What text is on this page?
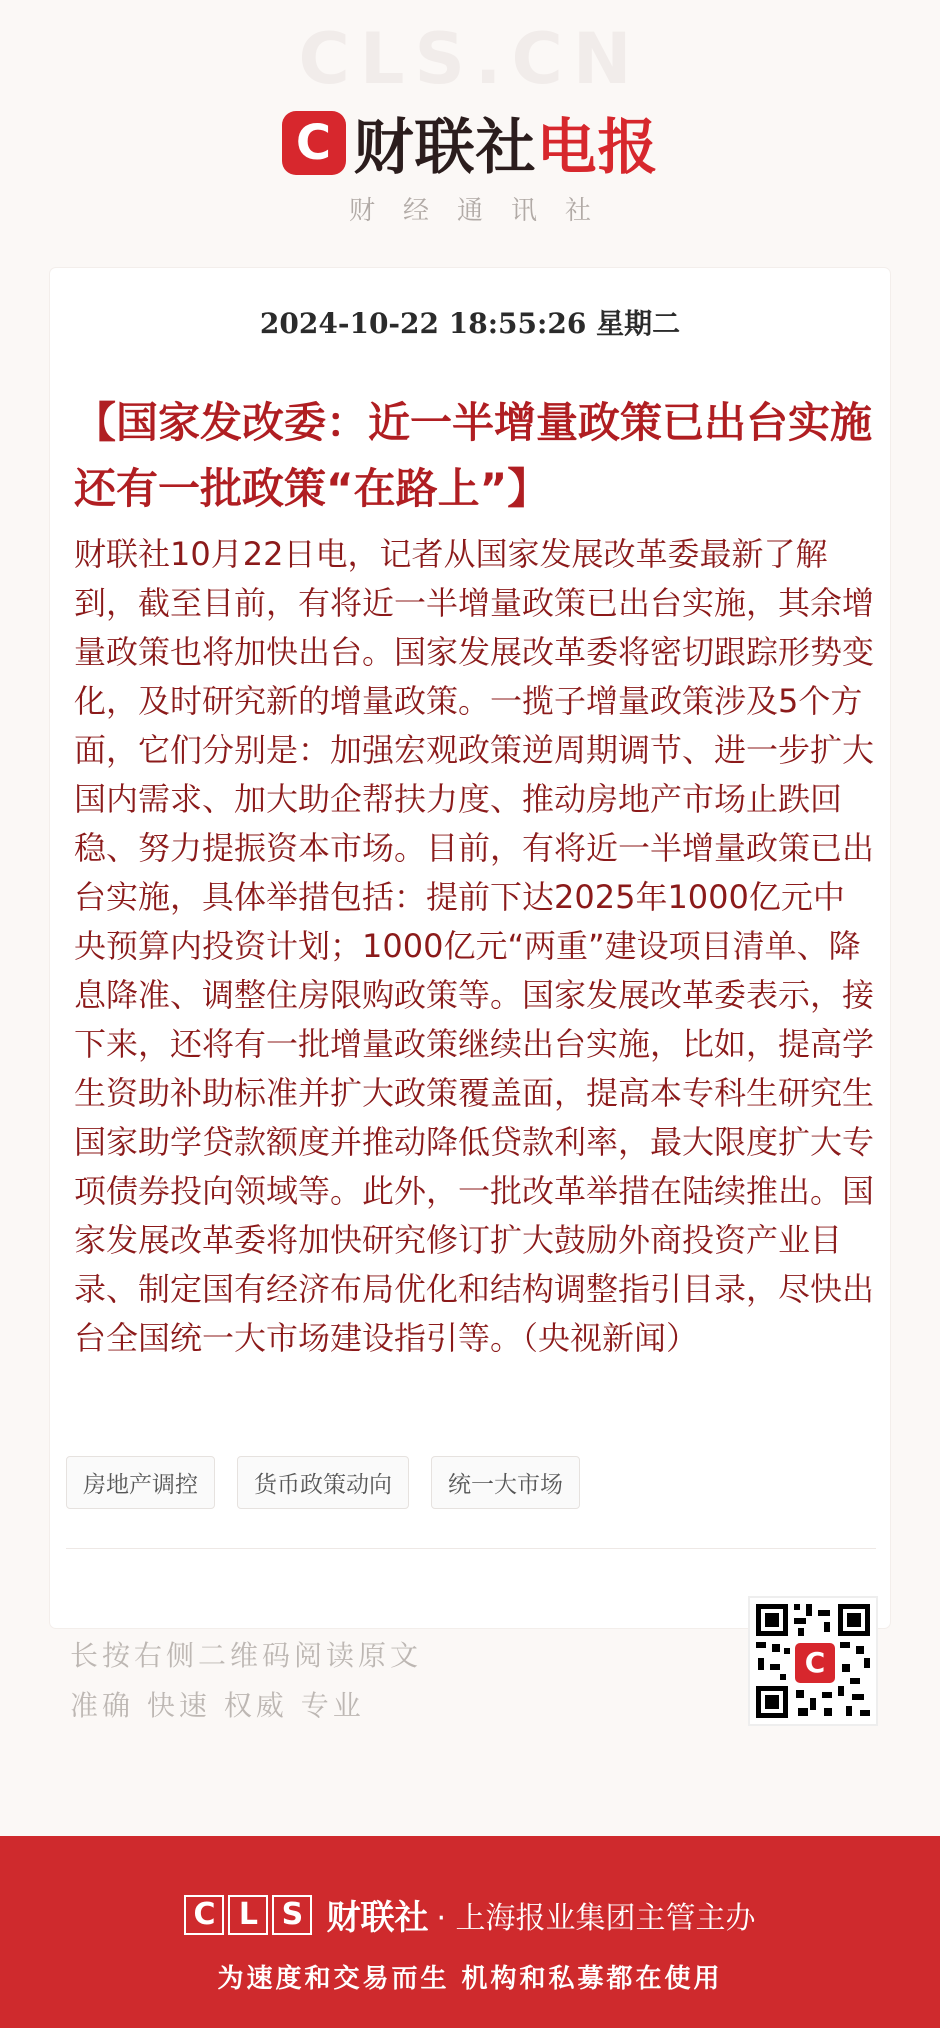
CLS.CN
C 财联社 电报
财经通讯社
2024-10-22 18:55:26 星期二
【国家发改委：近一半增量政策已出台实施 还有一批政策“在路上”】
财联社10月22日电，记者从国家发展改革委最新了解到，截至目前，有将近一半增量政策已出台实施，其余增量政策也将加快出台。国家发展改革委将密切跟踪形势变化，及时研究新的增量政策。一揽子增量政策涉及5个方面，它们分别是：加强宏观政策逆周期调节、进一步扩大国内需求、加大助企帮扶力度、推动房地产市场止跌回稳、努力提振资本市场。目前，有将近一半增量政策已出台实施，具体举措包括：提前下达2025年1000亿元中央预算内投资计划；1000亿元“两重”建设项目清单、降息降准、调整住房限购政策等。国家发展改革委表示，接下来，还将有一批增量政策继续出台实施，比如，提高学生资助补助标准并扩大政策覆盖面，提高本专科生研究生国家助学贷款额度并推动降低贷款利率，最大限度扩大专项债券投向领域等。此外，一批改革举措在陆续推出。国家发展改革委将加快研究修订扩大鼓励外商投资产业目录、制定国有经济布局优化和结构调整指引目录，尽快出台全国统一大市场建设指引等。（央视新闻）
房地产调控	货币政策动向	统一大市场
长按右侧二维码阅读原文
准确 快速 权威 专业
C
C L S 财联社 · 上海报业集团主管主办
为速度和交易而生 机构和私募都在使用
